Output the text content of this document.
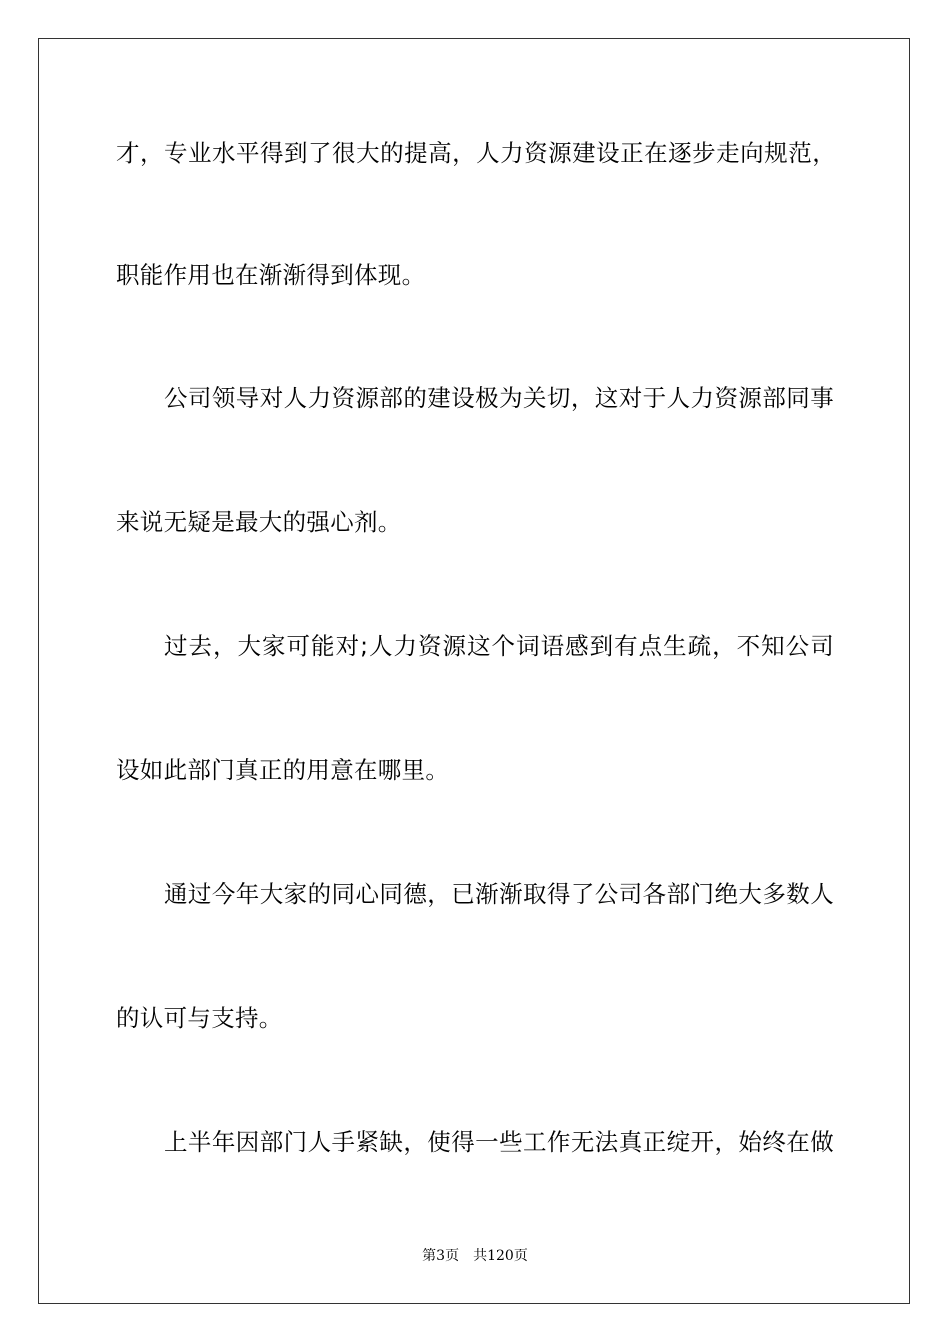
才，专业水平得到了很大的提高，人力资源建设正在逐步走向规范，
职能作用也在渐渐得到体现。
公司领导对人力资源部的建设极为关切，这对于人力资源部同事
来说无疑是最大的强心剂。
过去，大家可能对;人力资源这个词语感到有点生疏，不知公司
设如此部门真正的用意在哪里。
通过今年大家的同心同德，已渐渐取得了公司各部门绝大多数人
的认可与支持。
上半年因部门人手紧缺，使得一些工作无法真正绽开，始终在做
第3页 共120页
